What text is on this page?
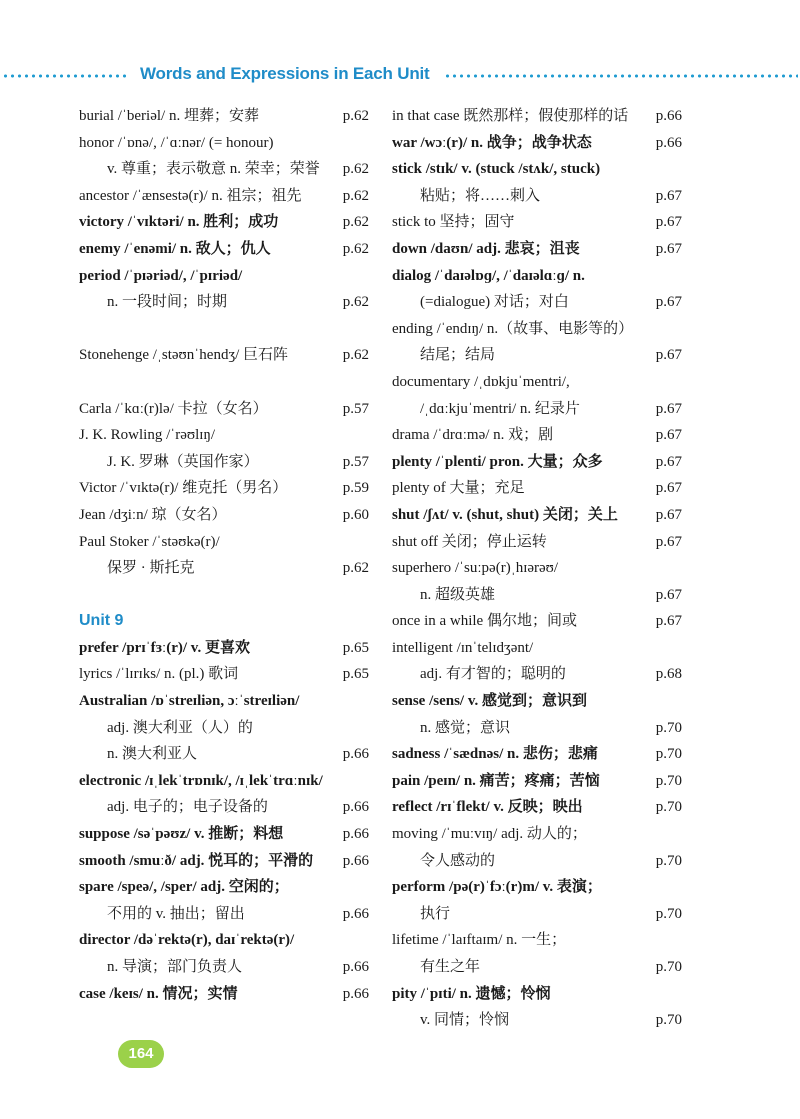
Words and Expressions in Each Unit
burial /ˈberiəl/ n. 埋葬；安葬	p.62
honor /ˈɒnə/, /ˈɑːnər/ (= honour)
v. 尊重；表示敬意 n. 荣幸；荣誉 p.62
ancestor /ˈænsestə(r)/ n. 祖宗；祖先	p.62
victory /ˈvɪktəri/ n. 胜利；成功	p.62
enemy /ˈenəmi/ n. 敌人；仇人	p.62
period /ˈpɪəriəd/, /ˈpɪriəd/
n. 一段时间；时期	p.62
Stonehenge /ˌstəʊnˈhendʒ/ 巨石阵	p.62
Carla /ˈkɑː(r)lə/ 卡拉（女名）	p.57
J. K. Rowling /ˈrəʊlɪŋ/
J. K. 罗琳（英国作家）	p.57
Victor /ˈvɪktə(r)/ 维克托（男名）	p.59
Jean /dʒiːn/ 琼（女名）	p.60
Paul Stoker /ˈstəʊkə(r)/
保罗 · 斯托克	p.62
Unit 9
prefer /prɪˈfɜː(r)/ v. 更喜欢	p.65
lyrics /ˈlɪrɪks/ n. (pl.) 歌词	p.65
Australian /ɒˈstreɪliən, ɔːˈstreɪliən/
adj. 澳大利亚（人）的
n. 澳大利亚人	p.66
electronic /ɪˌlekˈtrɒnɪk/, /ɪˌlekˈtrɑːnɪk/
adj. 电子的；电子设备的	p.66
suppose /səˈpəʊz/ v. 推断；料想	p.66
smooth /smuːð/ adj. 悦耳的；平滑的 p.66
spare /speə/, /sper/ adj. 空闲的；
不用的 v. 抽出；留出	p.66
director /dəˈrektə(r), daɪˈrektə(r)/
n. 导演；部门负责人	p.66
case /keɪs/ n. 情况；实情	p.66
in that case 既然那样；假使那样的话 p.66
war /wɔː(r)/ n. 战争；战争状态	p.66
stick /stɪk/ v. (stuck /stʌk/, stuck)
粘贴；将……刺入	p.67
stick to 坚持；固守	p.67
down /daʊn/ adj. 悲哀；沮丧	p.67
dialog /ˈdaɪəlɒɡ/, /ˈdaɪəlɑːɡ/ n.
(=dialogue) 对话；对白	p.67
ending /ˈendɪŋ/ n.（故事、电影等的）
结尾；结局	p.67
documentary /ˌdɒkjuˈmentri/,
/ˌdɑːkjuˈmentri/ n. 纪录片	p.67
drama /ˈdrɑːmə/ n. 戏；剧	p.67
plenty /ˈplenti/ pron. 大量；众多	p.67
plenty of 大量；充足	p.67
shut /ʃʌt/ v. (shut, shut) 关闭；关上	p.67
shut off 关闭；停止运转	p.67
superhero /ˈsuːpə(r)ˌhɪərəʊ/
n. 超级英雄	p.67
once in a while 偶尔地；间或	p.67
intelligent /ɪnˈtelɪdʒənt/
adj. 有才智的；聪明的	p.68
sense /sens/ v. 感觉到；意识到
n. 感觉；意识	p.70
sadness /ˈsædnəs/ n. 悲伤；悲痛	p.70
pain /peɪn/ n. 痛苦；疼痛；苦恼	p.70
reflect /rɪˈflekt/ v. 反映；映出	p.70
moving /ˈmuːvɪŋ/ adj. 动人的；
令人感动的	p.70
perform /pə(r)ˈfɔː(r)m/ v. 表演；
执行	p.70
lifetime /ˈlaɪftaɪm/ n. 一生；
有生之年	p.70
pity /ˈpɪti/ n. 遗憾；怜悯
v. 同情；怜悯	p.70
164
